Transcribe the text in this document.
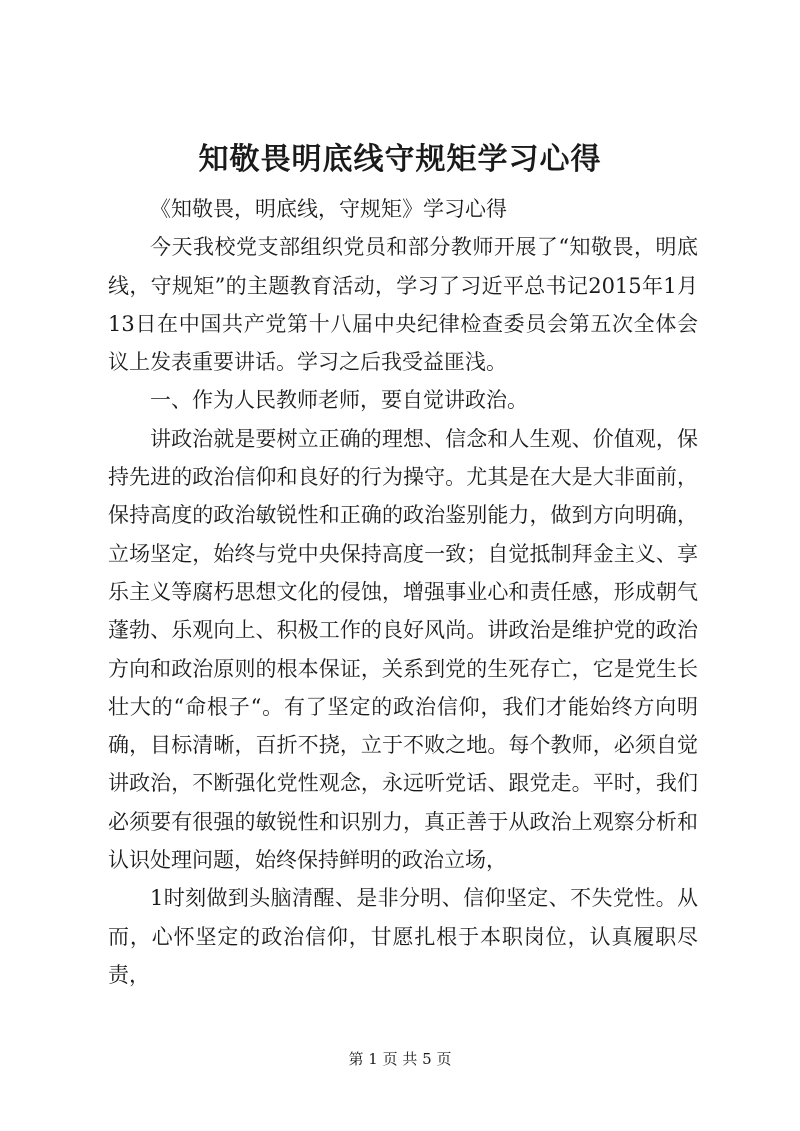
知敬畏明底线守规矩学习心得

《知敬畏，明底线，守规矩》学习心得

今天我校党支部组织党员和部分教师开展了“知敬畏，明底线，守规矩”的主题教育活动，学习了习近平总书记2015年1月13日在中国共产党第十八届中央纪律检查委员会第五次全体会议上发表重要讲话。学习之后我受益匪浅。

一、作为人民教师老师，要自觉讲政治。

讲政治就是要树立正确的理想、信念和人生观、价值观，保持先进的政治信仰和良好的行为操守。尤其是在大是大非面前，保持高度的政治敏锐性和正确的政治鉴别能力，做到方向明确，立场坚定，始终与党中央保持高度一致；自觉抵制拜金主义、享乐主义等腐朽思想文化的侵蚀，增强事业心和责任感，形成朝气蓬勃、乐观向上、积极工作的良好风尚。讲政治是维护党的政治方向和政治原则的根本保证，关系到党的生死存亡，它是党生长壮大的“命根子“。有了坚定的政治信仰，我们才能始终方向明确，目标清晰，百折不挠，立于不败之地。每个教师，必须自觉讲政治，不断强化党性观念，永远听党话、跟党走。平时，我们必须要有很强的敏锐性和识别力，真正善于从政治上观察分析和认识处理问题，始终保持鲜明的政治立场，

1时刻做到头脑清醒、是非分明、信仰坚定、不失党性。从而，心怀坚定的政治信仰，甘愿扎根于本职岗位，认真履职尽责，

第 1 页 共 5 页
